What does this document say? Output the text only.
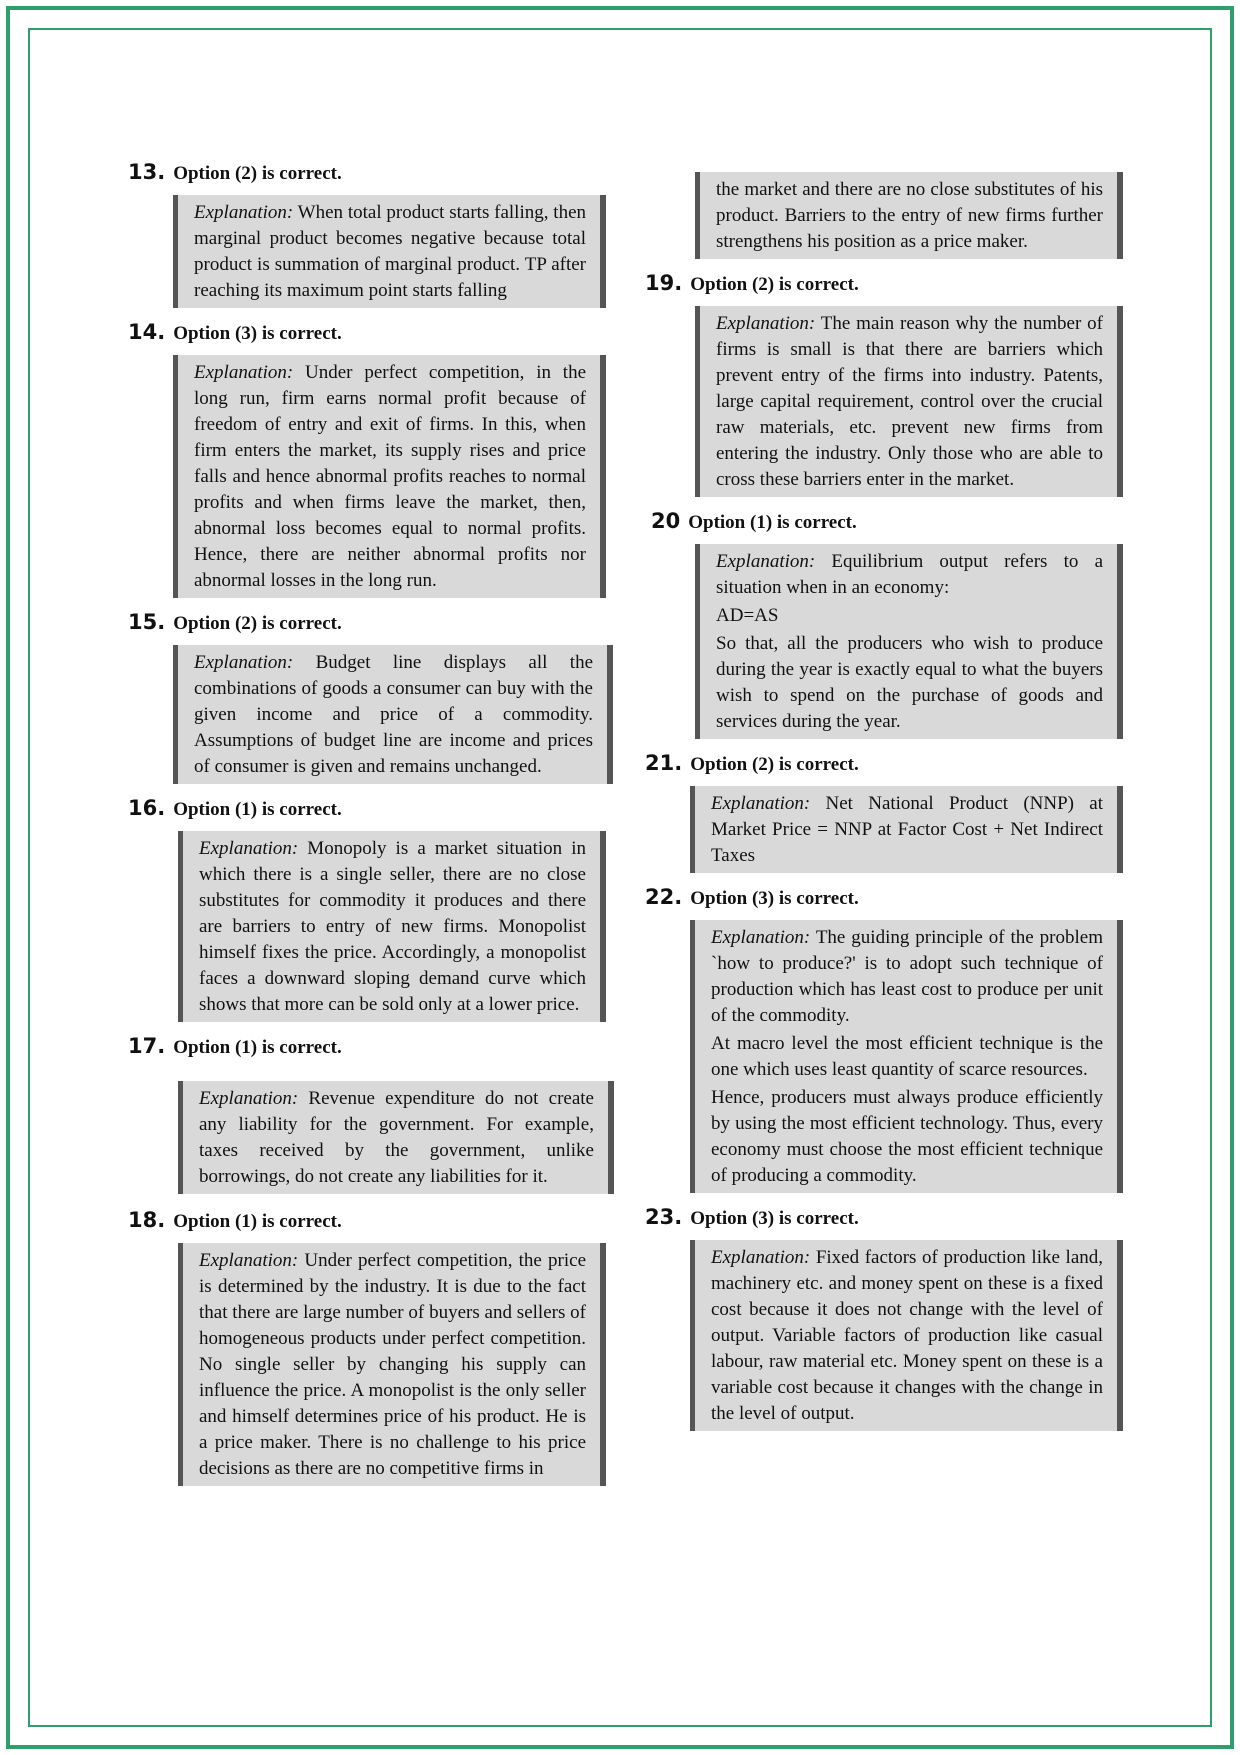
13. Option (2) is correct.

Explanation: When total product starts falling, then marginal product becomes negative because total product is summation of marginal product. TP after reaching its maximum point starts falling

14. Option (3) is correct.

Explanation: Under perfect competition, in the long run, firm earns normal profit because of freedom of entry and exit of firms. In this, when firm enters the market, its supply rises and price falls and hence abnormal profits reaches to normal profits and when firms leave the market, then, abnormal loss becomes equal to normal profits. Hence, there are neither abnormal profits nor abnormal losses in the long run.

15. Option (2) is correct.

Explanation: Budget line displays all the combinations of goods a consumer can buy with the given income and price of a commodity. Assumptions of budget line are income and prices of consumer is given and remains unchanged.

16. Option (1) is correct.

Explanation: Monopoly is a market situation in which there is a single seller, there are no close substitutes for commodity it produces and there are barriers to entry of new firms. Monopolist himself fixes the price. Accordingly, a monopolist faces a downward sloping demand curve which shows that more can be sold only at a lower price.

17. Option (1) is correct.

Explanation: Revenue expenditure do not create any liability for the government. For example, taxes received by the government, unlike borrowings, do not create any liabilities for it.

18. Option (1) is correct.

Explanation: Under perfect competition, the price is determined by the industry. It is due to the fact that there are large number of buyers and sellers of homogeneous products under perfect competition. No single seller by changing his supply can influence the price. A monopolist is the only seller and himself determines price of his product. He is a price maker. There is no challenge to his price decisions as there are no competitive firms in

the market and there are no close substitutes of his product. Barriers to the entry of new firms further strengthens his position as a price maker.

19. Option (2) is correct.

Explanation: The main reason why the number of firms is small is that there are barriers which prevent entry of the firms into industry. Patents, large capital requirement, control over the crucial raw materials, etc. prevent new firms from entering the industry. Only those who are able to cross these barriers enter in the market.

20 Option (1) is correct.

Explanation: Equilibrium output refers to a situation when in an economy:

AD=AS

So that, all the producers who wish to produce during the year is exactly equal to what the buyers wish to spend on the purchase of goods and services during the year.

21. Option (2) is correct.

Explanation: Net National Product (NNP) at Market Price = NNP at Factor Cost + Net Indirect Taxes

22. Option (3) is correct.

Explanation: The guiding principle of the problem `how to produce?' is to adopt such technique of production which has least cost to produce per unit of the commodity.

At macro level the most efficient technique is the one which uses least quantity of scarce resources.

Hence, producers must always produce efficiently by using the most efficient technology. Thus, every economy must choose the most efficient technique of producing a commodity.

23. Option (3) is correct.

Explanation: Fixed factors of production like land, machinery etc. and money spent on these is a fixed cost because it does not change with the level of output. Variable factors of production like casual labour, raw material etc. Money spent on these is a variable cost because it changes with the change in the level of output.
